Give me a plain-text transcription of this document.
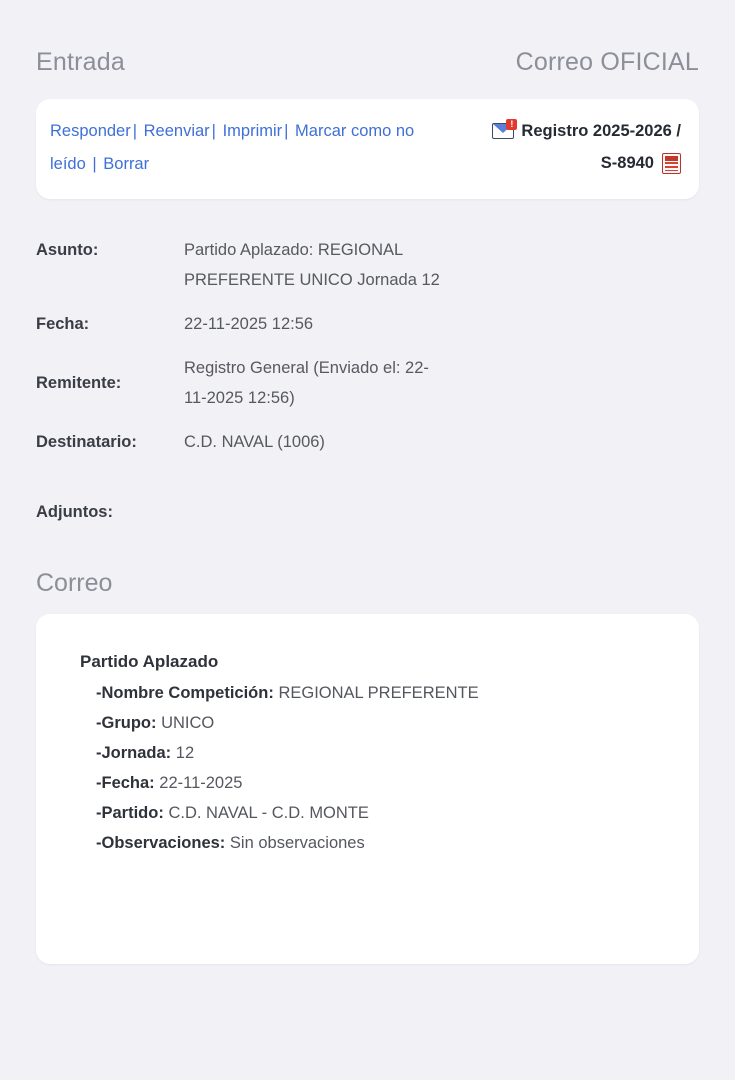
Entrada	Correo OFICIAL
Responder | Reenviar | Imprimir | Marcar como no leído | Borrar
!
Registro 2025-2026 /
S-8940
Asunto:	Partido Aplazado: REGIONAL PREFERENTE UNICO Jornada 12
Fecha:	22-11-2025 12:56
Remitente:
Registro General (Enviado el: 22-11-2025 12:56)
Destinatario:	C.D. NAVAL (1006)
Adjuntos:
Correo
Partido Aplazado
-Nombre Competición: REGIONAL PREFERENTE
-Grupo: UNICO
-Jornada: 12
-Fecha: 22-11-2025
-Partido: C.D. NAVAL - C.D. MONTE
-Observaciones: Sin observaciones
